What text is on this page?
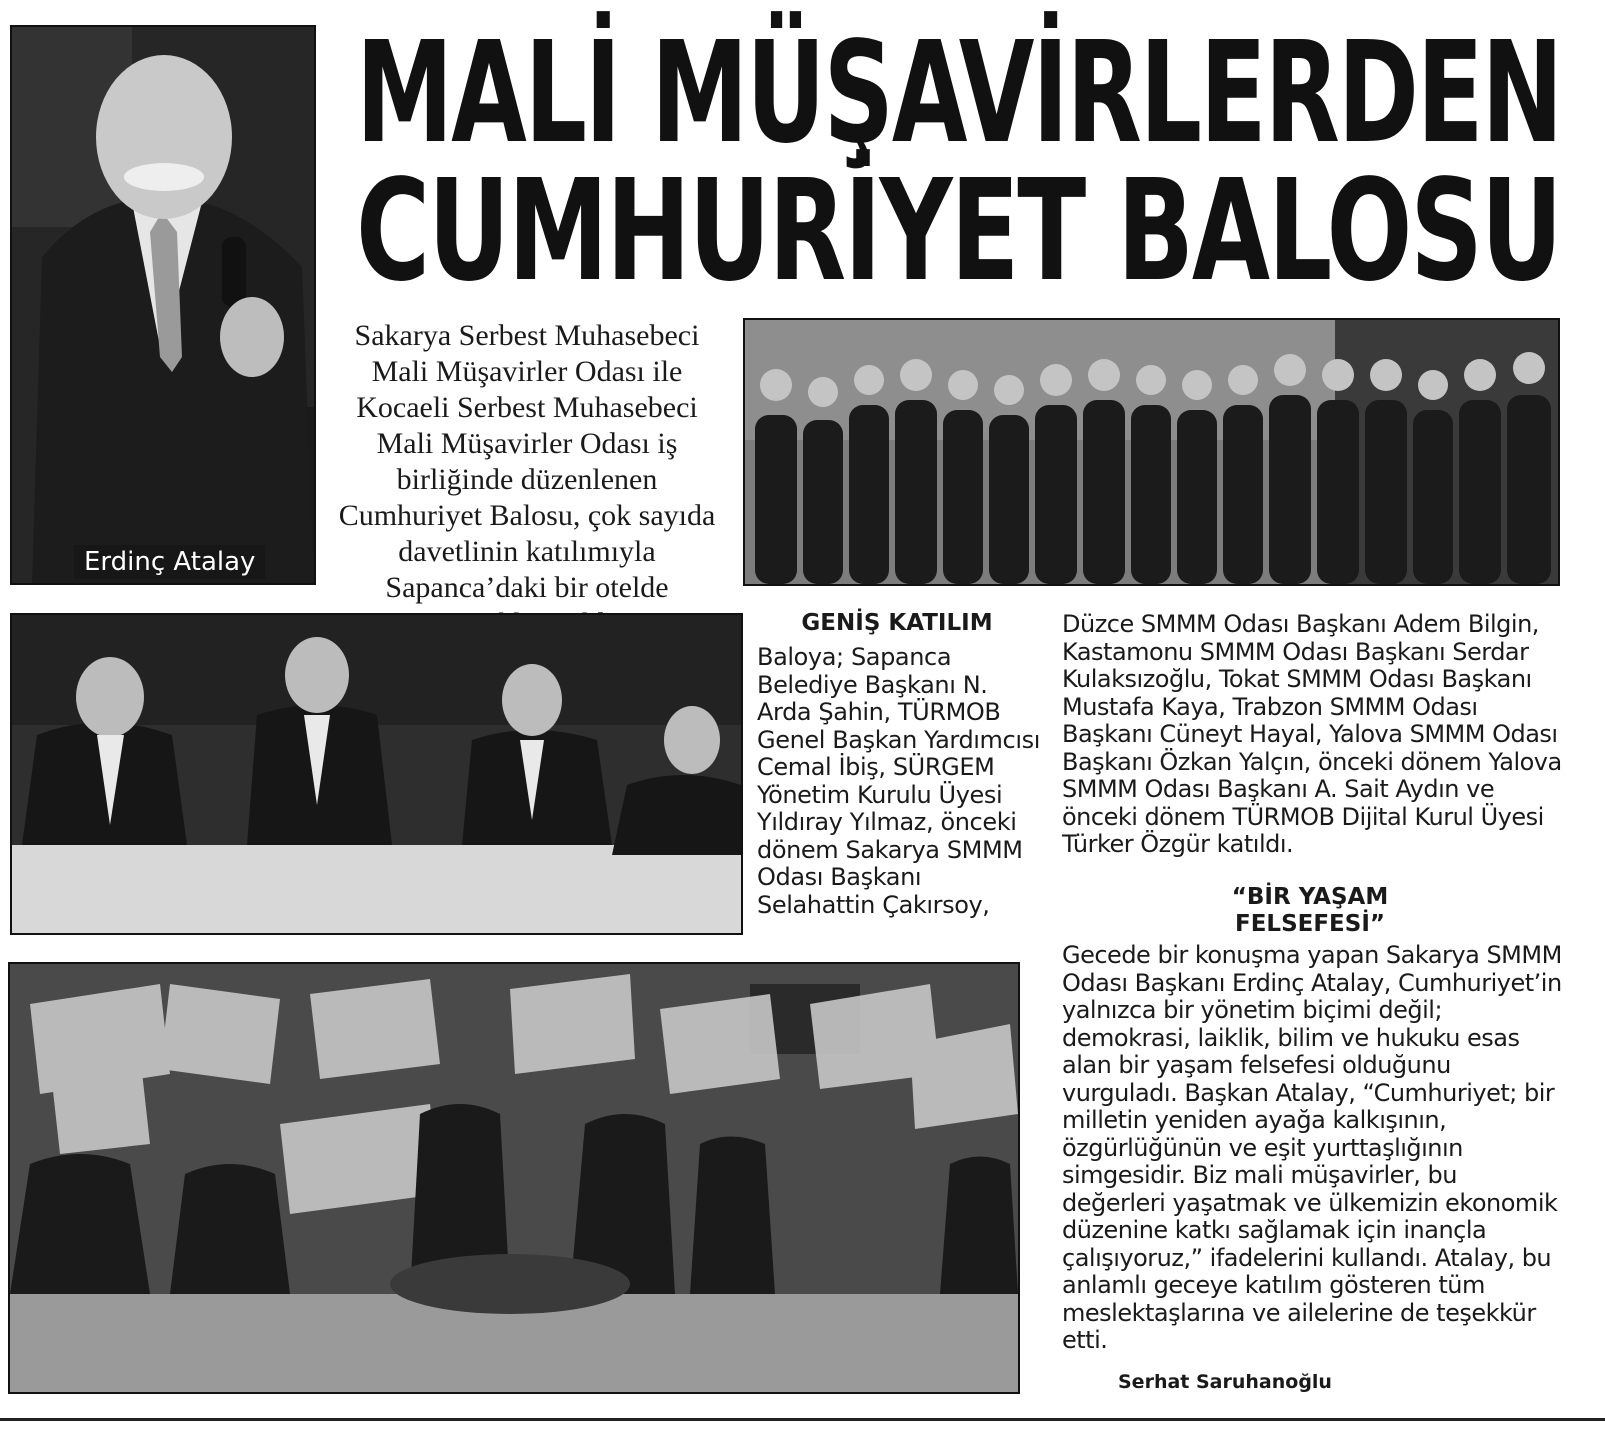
MALİ MÜŞAVİRLERDEN
CUMHURİYET BALOSU
Erdinç Atalay
Sakarya Serbest Muhasebeci Mali Müşavirler Odası ile Kocaeli Serbest Muhasebeci Mali Müşavirler Odası iş birliğinde düzenlenen Cumhuriyet Balosu, çok sayıda davetlinin katılımıyla Sapanca’daki bir otelde
GENİŞ KATILIM
Baloya; Sapanca Belediye Başkanı N. Arda Şahin, TÜRMOB Genel Başkan Yardımcısı Cemal İbiş, SÜRGEM Yönetim Kurulu Üyesi Yıldıray Yılmaz, önceki dönem Sakarya SMMM Odası Başkanı Selahattin Çakırsoy,
Düzce SMMM Odası Başkanı Adem Bilgin, Kastamonu SMMM Odası Başkanı Serdar Kulaksızoğlu, Tokat SMMM Odası Başkanı Mustafa Kaya, Trabzon SMMM Odası Başkanı Cüneyt Hayal, Yalova SMMM Odası Başkanı Özkan Yalçın, önceki dönem Yalova SMMM Odası Başkanı A. Sait Aydın ve önceki dönem TÜRMOB Dijital Kurul Üyesi Türker Özgür katıldı.
“BİR YAŞAM FELSEFESİ”
Gecede bir konuşma yapan Sakarya SMMM Odası Başkanı Erdinç Atalay, Cumhuriyet’in yalnızca bir yönetim biçimi değil; demokrasi, laiklik, bilim ve hukuku esas alan bir yaşam felsefesi olduğunu vurguladı. Başkan Atalay, “Cumhuriyet; bir milletin yeniden ayağa kalkışının, özgürlüğünün ve eşit yurttaşlığının simgesidir. Biz mali müşavirler, bu değerleri yaşatmak ve ülkemizin ekonomik düzenine katkı sağlamak için inançla çalışıyoruz,” ifadelerini kullandı. Atalay, bu anlamlı geceye katılım gösteren tüm meslektaşlarına ve ailelerine de teşekkür etti.
Serhat Saruhanoğlu
